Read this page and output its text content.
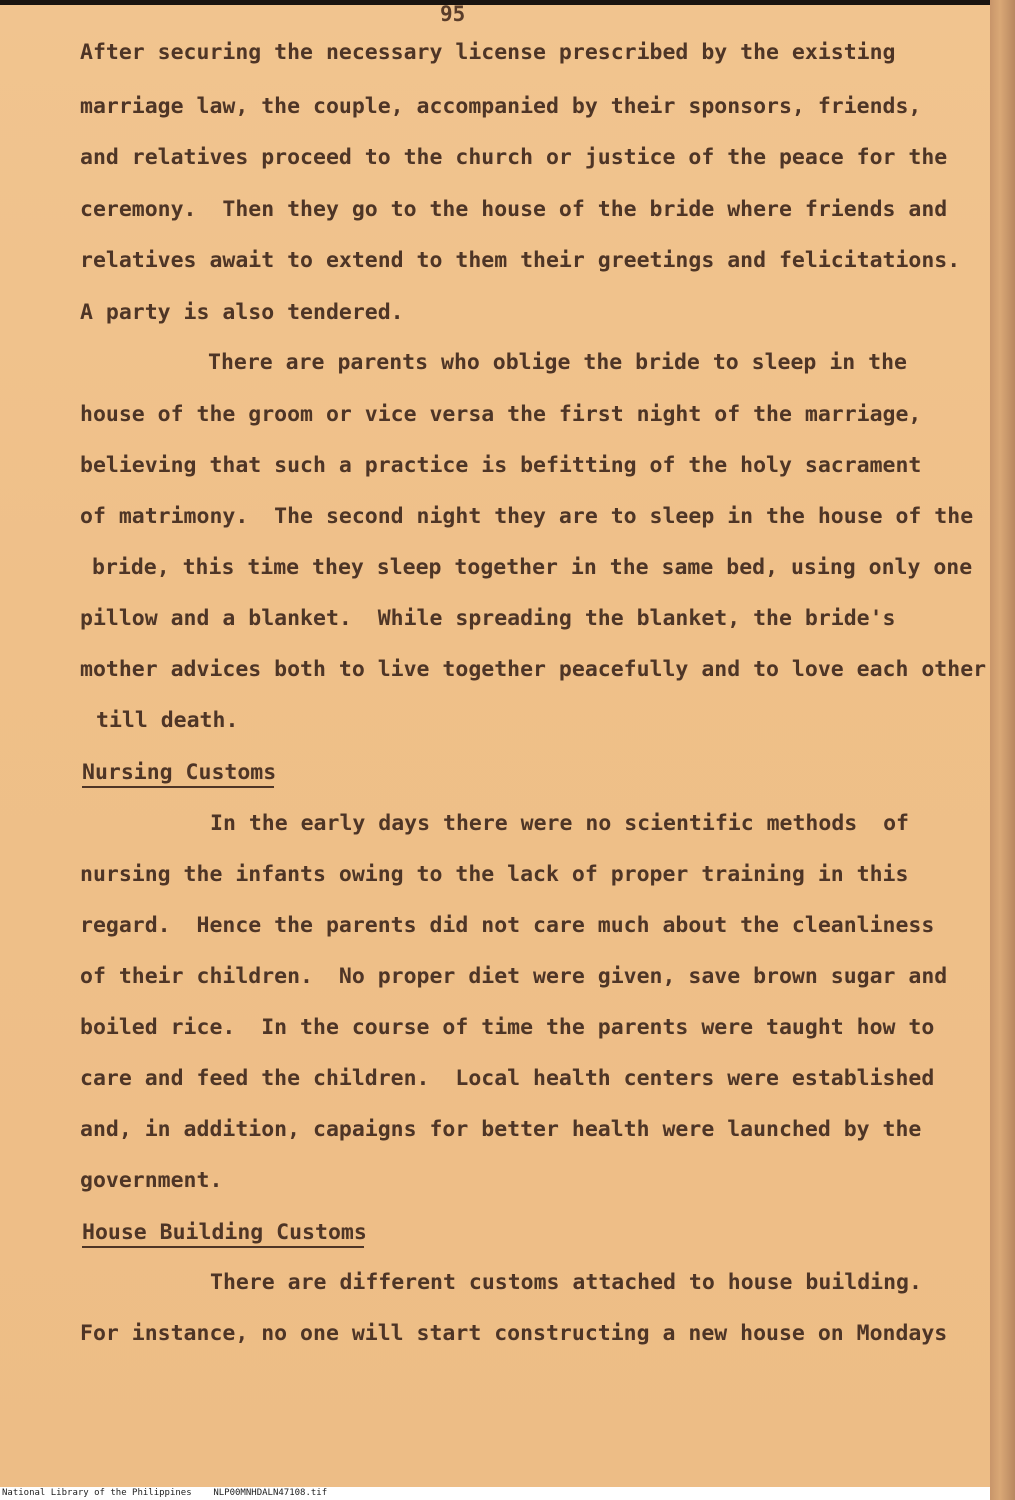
95
After securing the necessary license prescribed by the existing
marriage law, the couple, accompanied by their sponsors, friends,
and relatives proceed to the church or justice of the peace for the
ceremony.  Then they go to the house of the bride where friends and
relatives await to extend to them their greetings and felicitations.
A party is also tendered.
There are parents who oblige the bride to sleep in the
house of the groom or vice versa the first night of the marriage,
believing that such a practice is befitting of the holy sacrament
of matrimony.  The second night they are to sleep in the house of the
bride, this time they sleep together in the same bed, using only one
pillow and a blanket.  While spreading the blanket, the bride's
mother advices both to live together peacefully and to love each other
till death.
Nursing Customs
In the early days there were no scientific methods  of
nursing the infants owing to the lack of proper training in this
regard.  Hence the parents did not care much about the cleanliness
of their children.  No proper diet were given, save brown sugar and
boiled rice.  In the course of time the parents were taught how to
care and feed the children.  Local health centers were established
and, in addition, capaigns for better health were launched by the
government.
House Building Customs
There are different customs attached to house building.
For instance, no one will start constructing a new house on Mondays
National Library of the Philippines NLP00MNHDALN47108.tif
